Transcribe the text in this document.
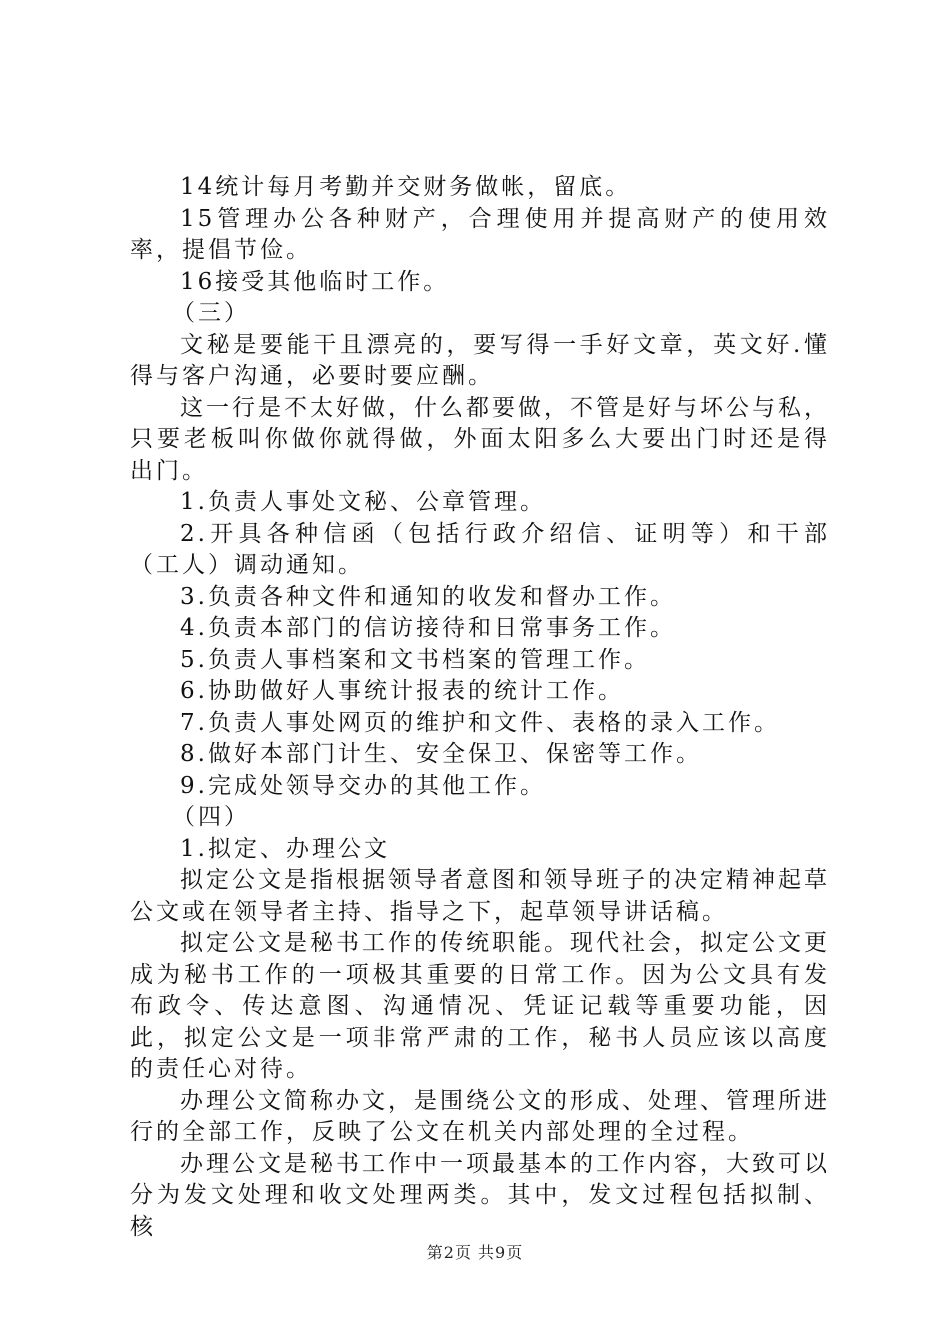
14统计每月考勤并交财务做帐，留底。

15管理办公各种财产，合理使用并提高财产的使用效率，提倡节俭。

16接受其他临时工作。

（三）

文秘是要能干且漂亮的，要写得一手好文章，英文好.懂得与客户沟通，必要时要应酬。

这一行是不太好做，什么都要做，不管是好与坏公与私，只要老板叫你做你就得做，外面太阳多么大要出门时还是得出门。

1.负责人事处文秘、公章管理。

2.开具各种信函（包括行政介绍信、证明等）和干部（工人）调动通知。

3.负责各种文件和通知的收发和督办工作。

4.负责本部门的信访接待和日常事务工作。

5.负责人事档案和文书档案的管理工作。

6.协助做好人事统计报表的统计工作。

7.负责人事处网页的维护和文件、表格的录入工作。

8.做好本部门计生、安全保卫、保密等工作。

9.完成处领导交办的其他工作。

（四）

1.拟定、办理公文

拟定公文是指根据领导者意图和领导班子的决定精神起草公文或在领导者主持、指导之下，起草领导讲话稿。

拟定公文是秘书工作的传统职能。现代社会，拟定公文更成为秘书工作的一项极其重要的日常工作。因为公文具有发布政令、传达意图、沟通情况、凭证记载等重要功能，因此，拟定公文是一项非常严肃的工作，秘书人员应该以高度的责任心对待。

办理公文简称办文，是围绕公文的形成、处理、管理所进行的全部工作，反映了公文在机关内部处理的全过程。

办理公文是秘书工作中一项最基本的工作内容，大致可以分为发文处理和收文处理两类。其中，发文过程包括拟制、核

第2页 共9页
